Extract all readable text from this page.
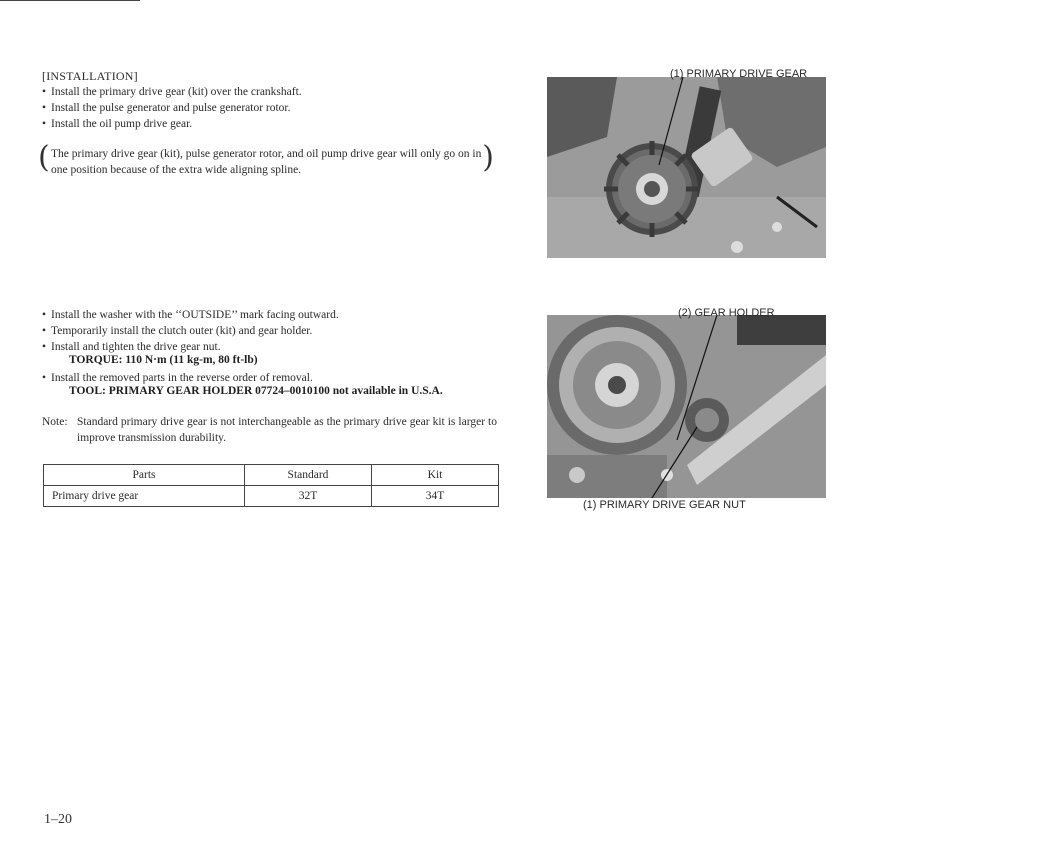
[INSTALLATION]
• Install the primary drive gear (kit) over the crankshaft.
• Install the pulse generator and pulse generator rotor.
• Install the oil pump drive gear.
( The primary drive gear (kit), pulse generator rotor, and oil pump drive gear will only go on in one position because of the extra wide aligning spline.	)
• Install the washer with the ‘‘OUTSIDE’’ mark facing outward.
• Temporarily install the clutch outer (kit) and gear holder.
• Install and tighten the drive gear nut.
TORQUE: 110 N·m (11 kg-m, 80 ft-lb)
• Install the removed parts in the reverse order of removal.
TOOL: PRIMARY GEAR HOLDER 07724–0010100 not available in U.S.A.
Note: Standard primary drive gear is not interchangeable as the primary drive gear kit is larger to improve transmission durability.
Parts	Standard	Kit
Primary drive gear	32T	34T
(1) PRIMARY DRIVE GEAR
(2) GEAR HOLDER
(1) PRIMARY DRIVE GEAR NUT
1–20
